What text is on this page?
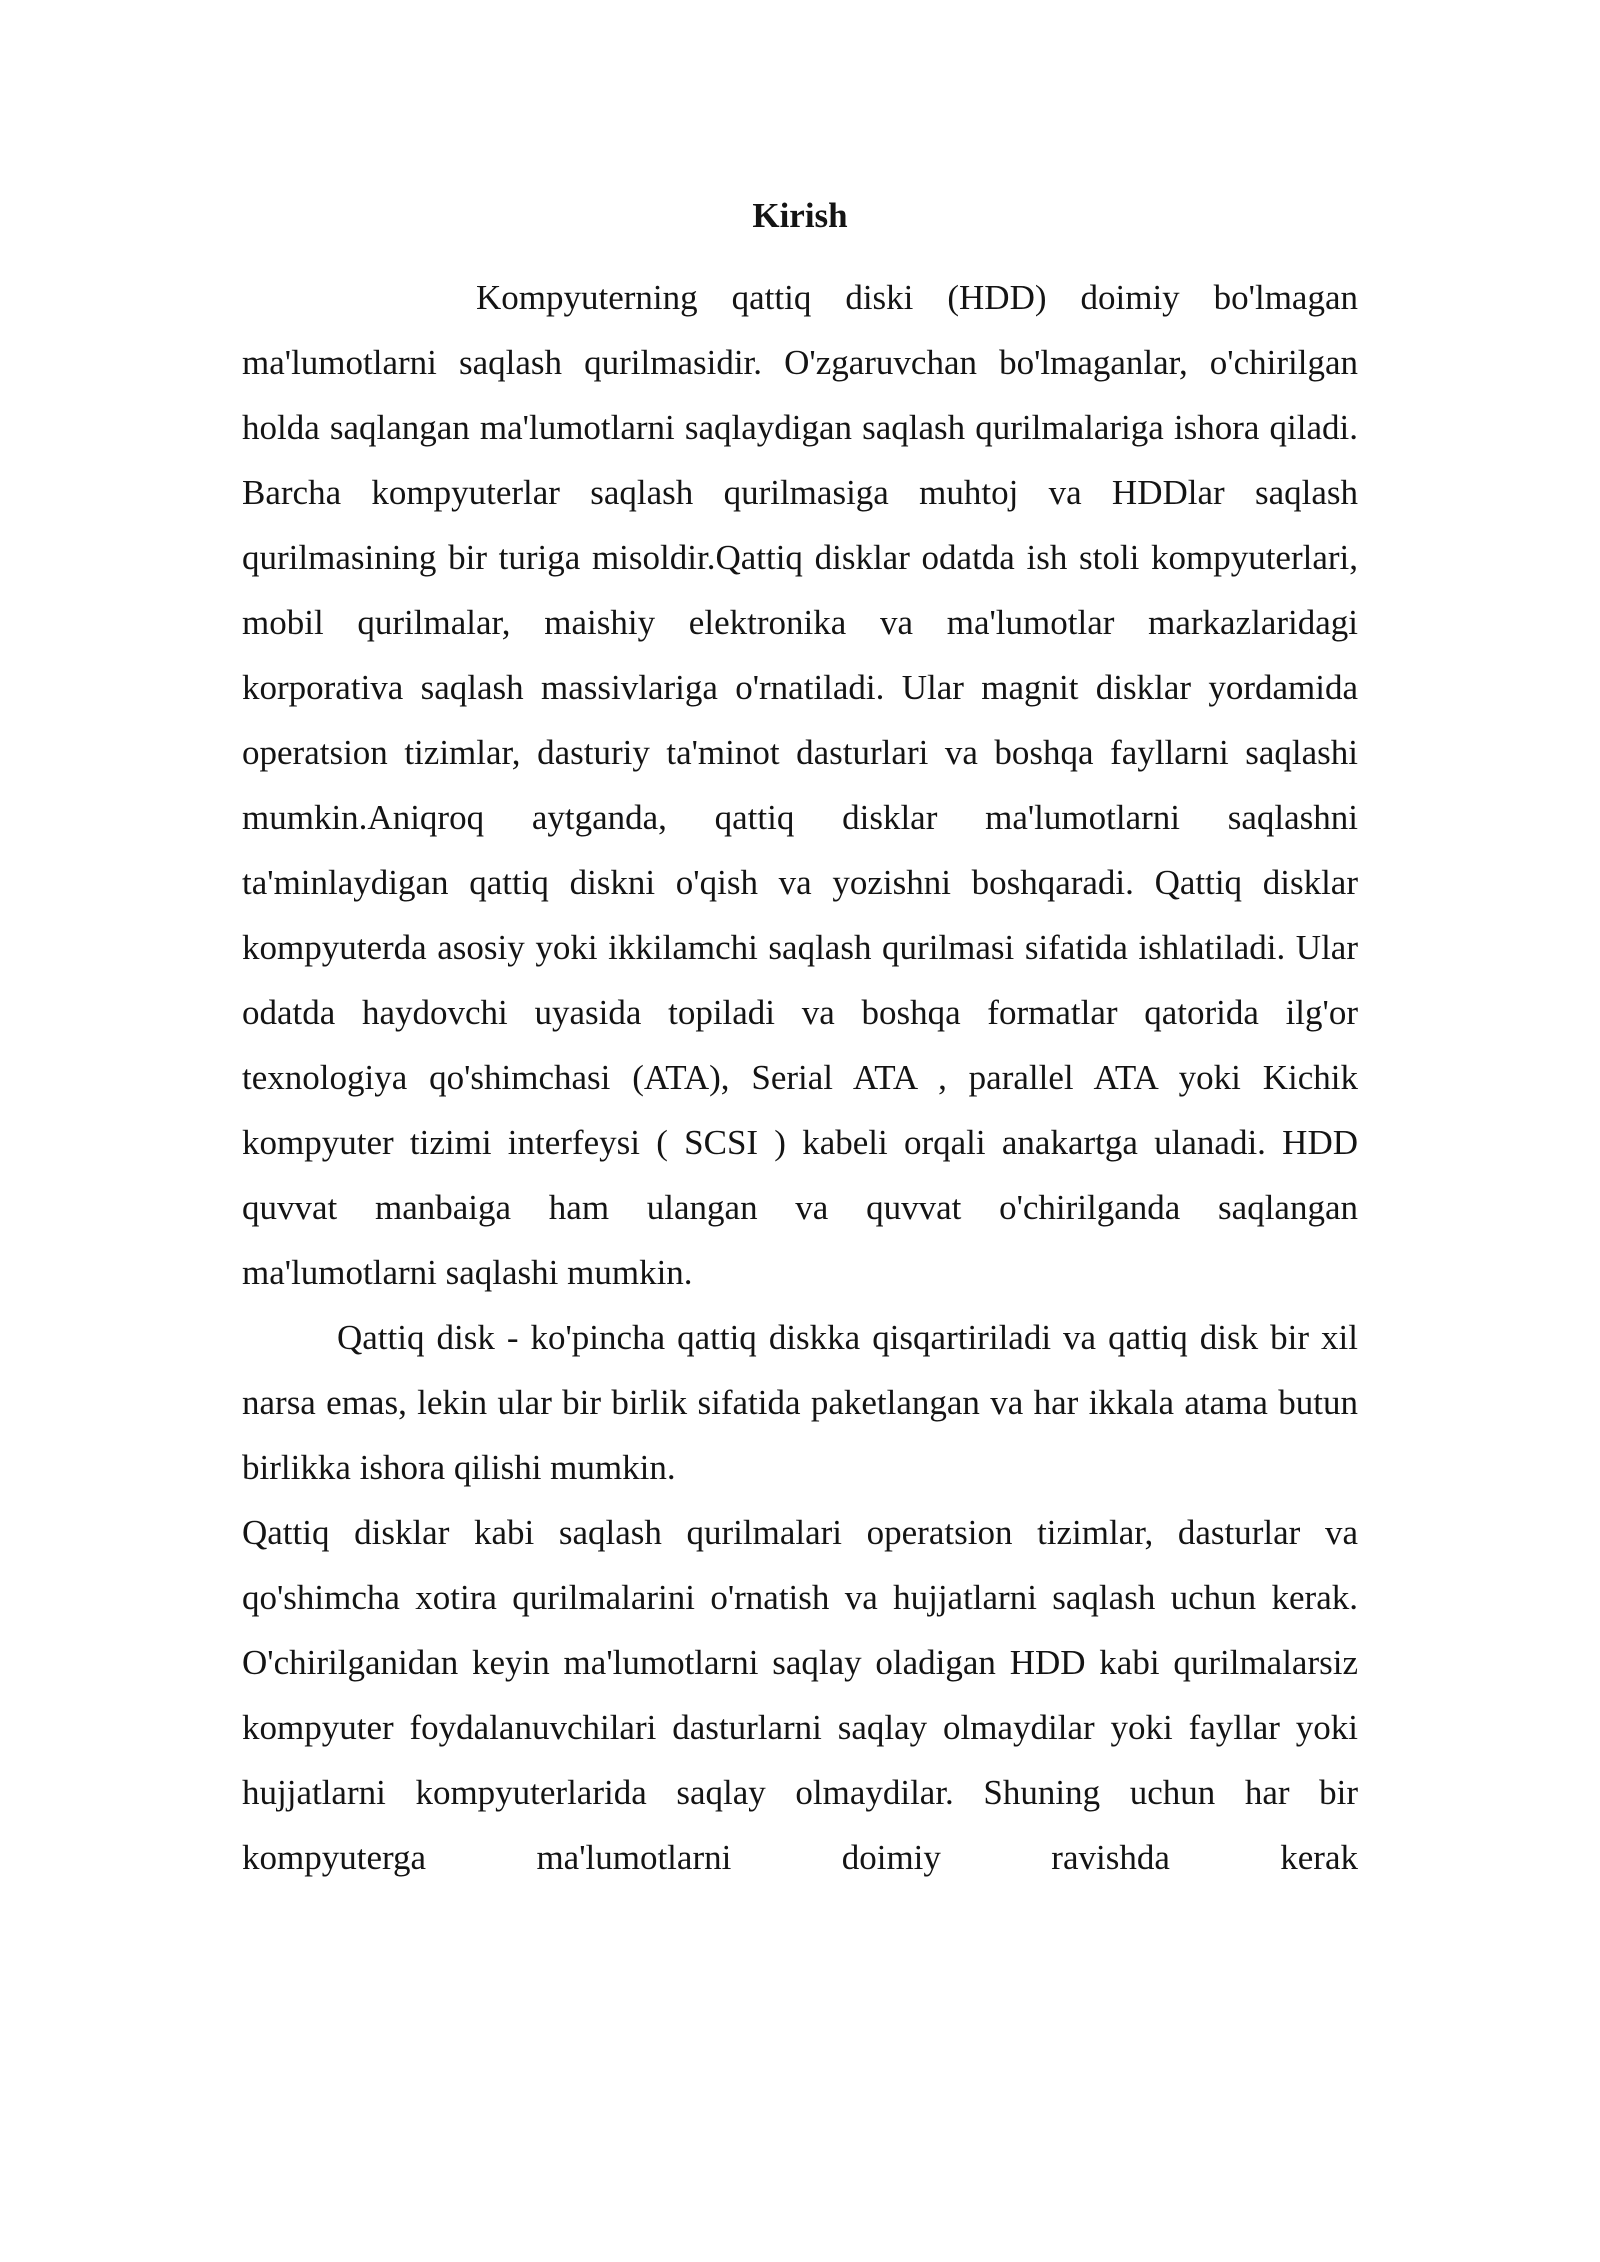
Kirish

Kompyuterning qattiq diski (HDD) doimiy bo'lmagan ma'lumotlarni saqlash qurilmasidir. O'zgaruvchan bo'lmaganlar, o'chirilgan holda saqlangan ma'lumotlarni saqlaydigan saqlash qurilmalariga ishora qiladi. Barcha kompyuterlar saqlash qurilmasiga muhtoj va HDDlar saqlash qurilmasining bir turiga misoldir.Qattiq disklar odatda ish stoli kompyuterlari, mobil qurilmalar, maishiy elektronika va ma'lumotlar markazlaridagi korporativa saqlash massivlariga o'rnatiladi. Ular magnit disklar yordamida operatsion tizimlar, dasturiy ta'minot dasturlari va boshqa fayllarni saqlashi mumkin.Aniqroq aytganda, qattiq disklar ma'lumotlarni saqlashni ta'minlaydigan qattiq diskni o'qish va yozishni boshqaradi. Qattiq disklar kompyuterda asosiy yoki ikkilamchi saqlash qurilmasi sifatida ishlatiladi. Ular odatda haydovchi uyasida topiladi va boshqa formatlar qatorida ilg'or texnologiya qo'shimchasi (ATA), Serial ATA , parallel ATA yoki Kichik kompyuter tizimi interfeysi ( SCSI ) kabeli orqali anakartga ulanadi. HDD quvvat manbaiga ham ulangan va quvvat o'chirilganda saqlangan ma'lumotlarni saqlashi mumkin.

Qattiq disk - ko'pincha qattiq diskka qisqartiriladi va qattiq disk bir xil narsa emas, lekin ular bir birlik sifatida paketlangan va har ikkala atama butun birlikka ishora qilishi mumkin.

Qattiq disklar kabi saqlash qurilmalari operatsion tizimlar, dasturlar va qo'shimcha xotira qurilmalarini o'rnatish va hujjatlarni saqlash uchun kerak. O'chirilganidan keyin ma'lumotlarni saqlay oladigan HDD kabi qurilmalarsiz kompyuter foydalanuvchilari dasturlarni saqlay olmaydilar yoki fayllar yoki hujjatlarni kompyuterlarida saqlay olmaydilar. Shuning uchun har bir kompyuterga ma'lumotlarni doimiy ravishda kerak
